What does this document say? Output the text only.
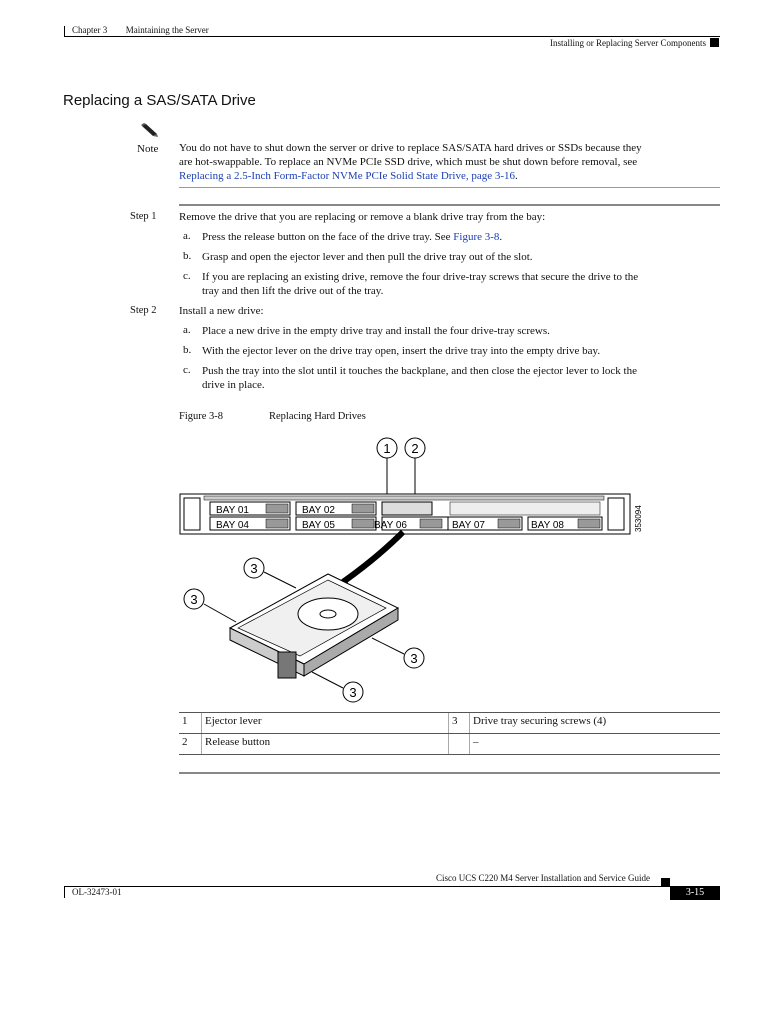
Chapter 3 Maintaining the Server
Installing or Replacing Server Components
Replacing a SAS/SATA Drive
Note You do not have to shut down the server or drive to replace SAS/SATA hard drives or SSDs because they
are hot-swappable. To replace an NVMe PCIe SSD drive, which must be shut down before removal, see
Replacing a 2.5-Inch Form-Factor NVMe PCIe Solid State Drive, page 3-16.
Step 1 Remove the drive that you are replacing or remove a blank drive tray from the bay:
a. Press the release button on the face of the drive tray. See Figure 3-8.
b. Grasp and open the ejector lever and then pull the drive tray out of the slot.
c. If you are replacing an existing drive, remove the four drive-tray screws that secure the drive to the
tray and then lift the drive out of the tray.
Step 2 Install a new drive:
a. Place a new drive in the empty drive tray and install the four drive-tray screws.
b. With the ejector lever on the drive tray open, insert the drive tray into the empty drive bay.
c. Push the tray into the slot until it touches the backplane, and then close the ejector lever to lock the
drive in place.
Figure 3-8	Replacing Hard Drives
1 2
BAY 01	BAY 02
BAY 04	BAY 05	BAY 06	BAY 07	BAY 08	353094
3
3
3
3
1	Ejector lever	3	Drive tray securing screws (4)
2	Release button		–
Cisco UCS C220 M4 Server Installation and Service Guide
OL-32473-01	3-15
